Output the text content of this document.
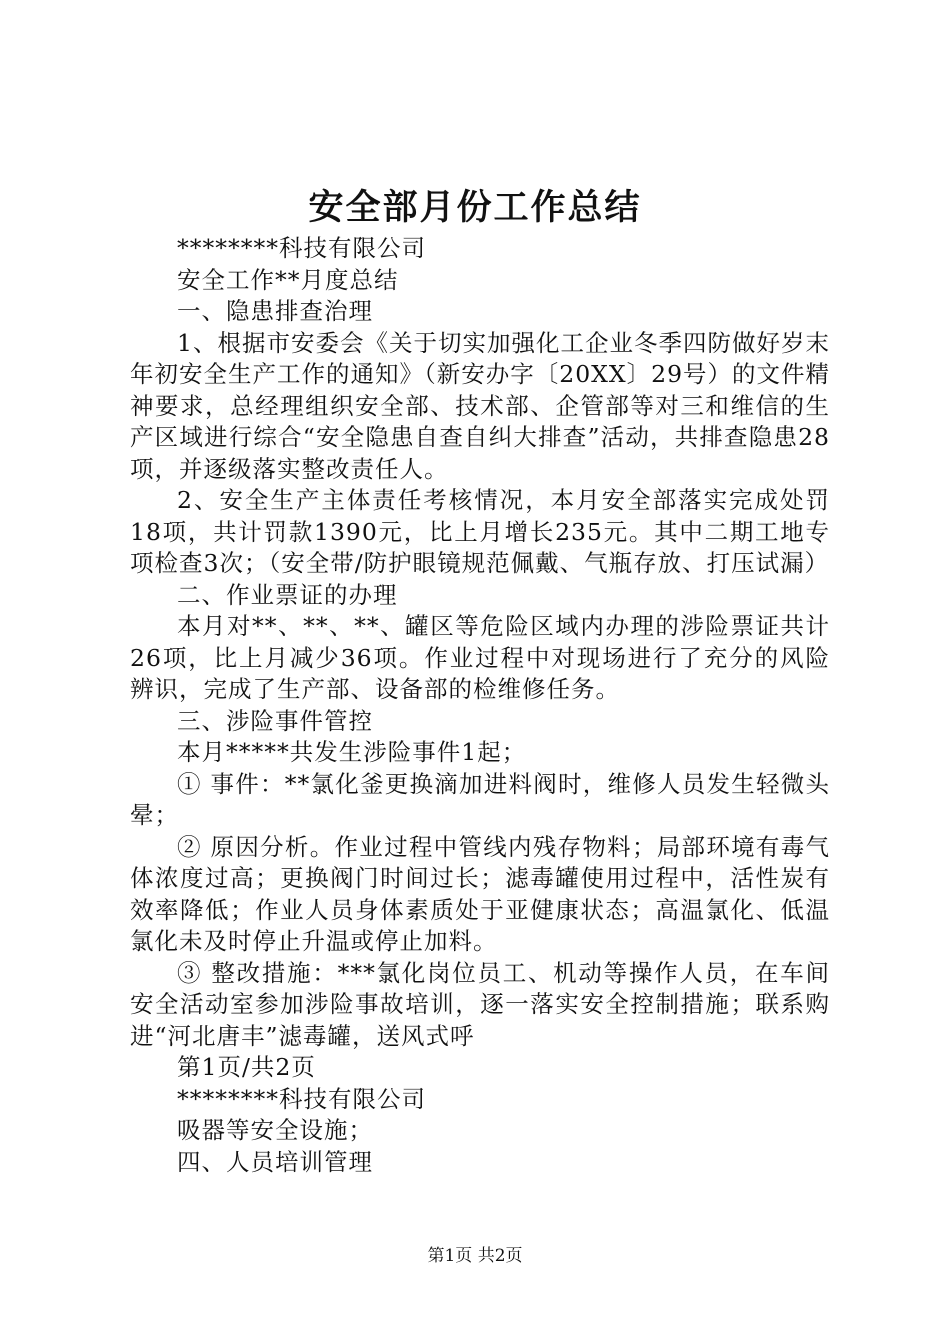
安全部月份工作总结

********科技有限公司

安全工作**月度总结

一、隐患排查治理

1、根据市安委会《关于切实加强化工企业冬季四防做好岁末年初安全生产工作的通知》（新安办字〔20XX〕29号）的文件精神要求，总经理组织安全部、技术部、企管部等对三和维信的生产区域进行综合“安全隐患自查自纠大排查”活动，共排查隐患28项，并逐级落实整改责任人。

2、安全生产主体责任考核情况，本月安全部落实完成处罚18项，共计罚款1390元，比上月增长235元。其中二期工地专项检查3次；（安全带/防护眼镜规范佩戴、气瓶存放、打压试漏）

二、作业票证的办理

本月对**、**、**、罐区等危险区域内办理的涉险票证共计26项，比上月减少36项。作业过程中对现场进行了充分的风险辨识，完成了生产部、设备部的检维修任务。

三、涉险事件管控

本月*****共发生涉险事件1起；

① 事件：**氯化釜更换滴加进料阀时，维修人员发生轻微头晕；

② 原因分析。作业过程中管线内残存物料；局部环境有毒气体浓度过高；更换阀门时间过长；滤毒罐使用过程中，活性炭有效率降低；作业人员身体素质处于亚健康状态；高温氯化、低温氯化未及时停止升温或停止加料。

③ 整改措施：***氯化岗位员工、机动等操作人员，在车间安全活动室参加涉险事故培训，逐一落实安全控制措施；联系购进“河北唐丰”滤毒罐，送风式呼

第1页/共2页

********科技有限公司

吸器等安全设施；

四、人员培训管理

第1页 共2页
